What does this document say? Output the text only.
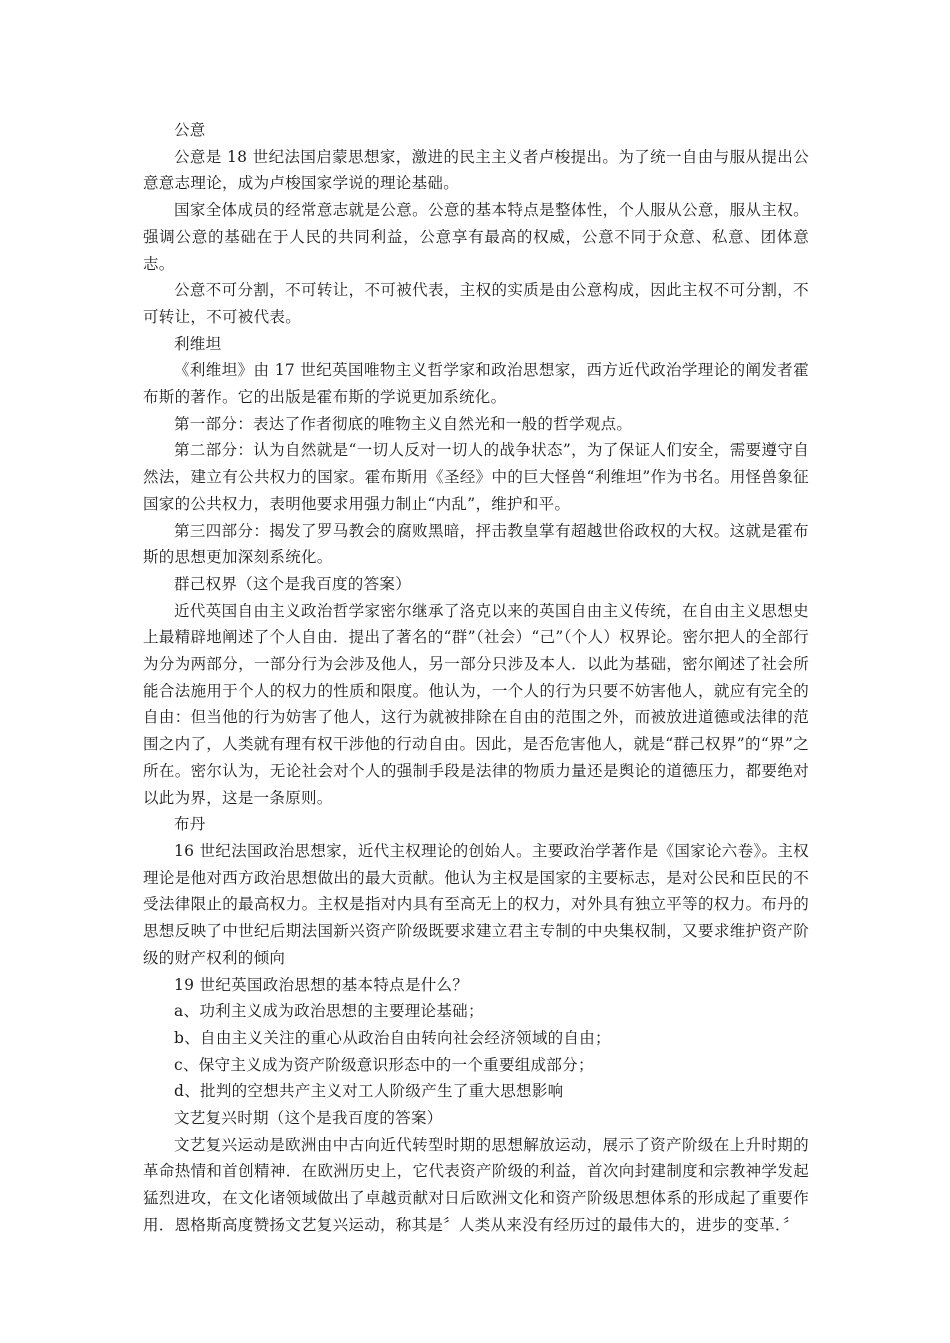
公意

公意是 18 世纪法国启蒙思想家，激进的民主主义者卢梭提出。为了统一自由与服从提出公意意志理论，成为卢梭国家学说的理论基础。

国家全体成员的经常意志就是公意。公意的基本特点是整体性，个人服从公意，服从主权。强调公意的基础在于人民的共同利益，公意享有最高的权威，公意不同于众意、私意、团体意志。

公意不可分割，不可转让，不可被代表，主权的实质是由公意构成，因此主权不可分割，不可转让，不可被代表。

利维坦

《利维坦》由 17 世纪英国唯物主义哲学家和政治思想家，西方近代政治学理论的阐发者霍布斯的著作。它的出版是霍布斯的学说更加系统化。

第一部分：表达了作者彻底的唯物主义自然光和一般的哲学观点。

第二部分：认为自然就是“一切人反对一切人的战争状态”，为了保证人们安全，需要遵守自然法，建立有公共权力的国家。霍布斯用《圣经》中的巨大怪兽“利维坦”作为书名。用怪兽象征国家的公共权力，表明他要求用强力制止“内乱”，维护和平。

第三四部分：揭发了罗马教会的腐败黑暗，抨击教皇掌有超越世俗政权的大权。这就是霍布斯的思想更加深刻系统化。

群己权界（这个是我百度的答案）

近代英国自由主义政治哲学家密尔继承了洛克以来的英国自由主义传统，在自由主义思想史上最精辟地阐述了个人自由．提出了著名的“群”（社会）“己”（个人）权界论。密尔把人的全部行为分为两部分，一部分行为会涉及他人，另一部分只涉及本人．以此为基础，密尔阐述了社会所能合法施用于个人的权力的性质和限度。他认为，一个人的行为只要不妨害他人，就应有完全的自由：但当他的行为妨害了他人，这行为就被排除在自由的范围之外，而被放进道德或法律的范围之内了，人类就有理有权干涉他的行动自由。因此，是否危害他人，就是“群己权界”的“界”之所在。密尔认为，无论社会对个人的强制手段是法律的物质力量还是舆论的道德压力，都要绝对以此为界，这是一条原则。

布丹

16 世纪法国政治思想家，近代主权理论的创始人。主要政治学著作是《国家论六卷》。主权理论是他对西方政治思想做出的最大贡献。他认为主权是国家的主要标志，是对公民和臣民的不受法律限止的最高权力。主权是指对内具有至高无上的权力，对外具有独立平等的权力。布丹的思想反映了中世纪后期法国新兴资产阶级既要求建立君主专制的中央集权制，又要求维护资产阶级的财产权利的倾向

19 世纪英国政治思想的基本特点是什么？

a、功利主义成为政治思想的主要理论基础；

b、自由主义关注的重心从政治自由转向社会经济领域的自由；

c、保守主义成为资产阶级意识形态中的一个重要组成部分；

d、批判的空想共产主义对工人阶级产生了重大思想影响

文艺复兴时期（这个是我百度的答案）

文艺复兴运动是欧洲由中古向近代转型时期的思想解放运动，展示了资产阶级在上升时期的革命热情和首创精神．在欧洲历史上，它代表资产阶级的利益，首次向封建制度和宗教神学发起猛烈进攻，在文化诸领域做出了卓越贡献对日后欧洲文化和资产阶级思想体系的形成起了重要作用．恩格斯高度赞扬文艺复兴运动，称其是〞人类从来没有经历过的最伟大的，进步的变革．〞
